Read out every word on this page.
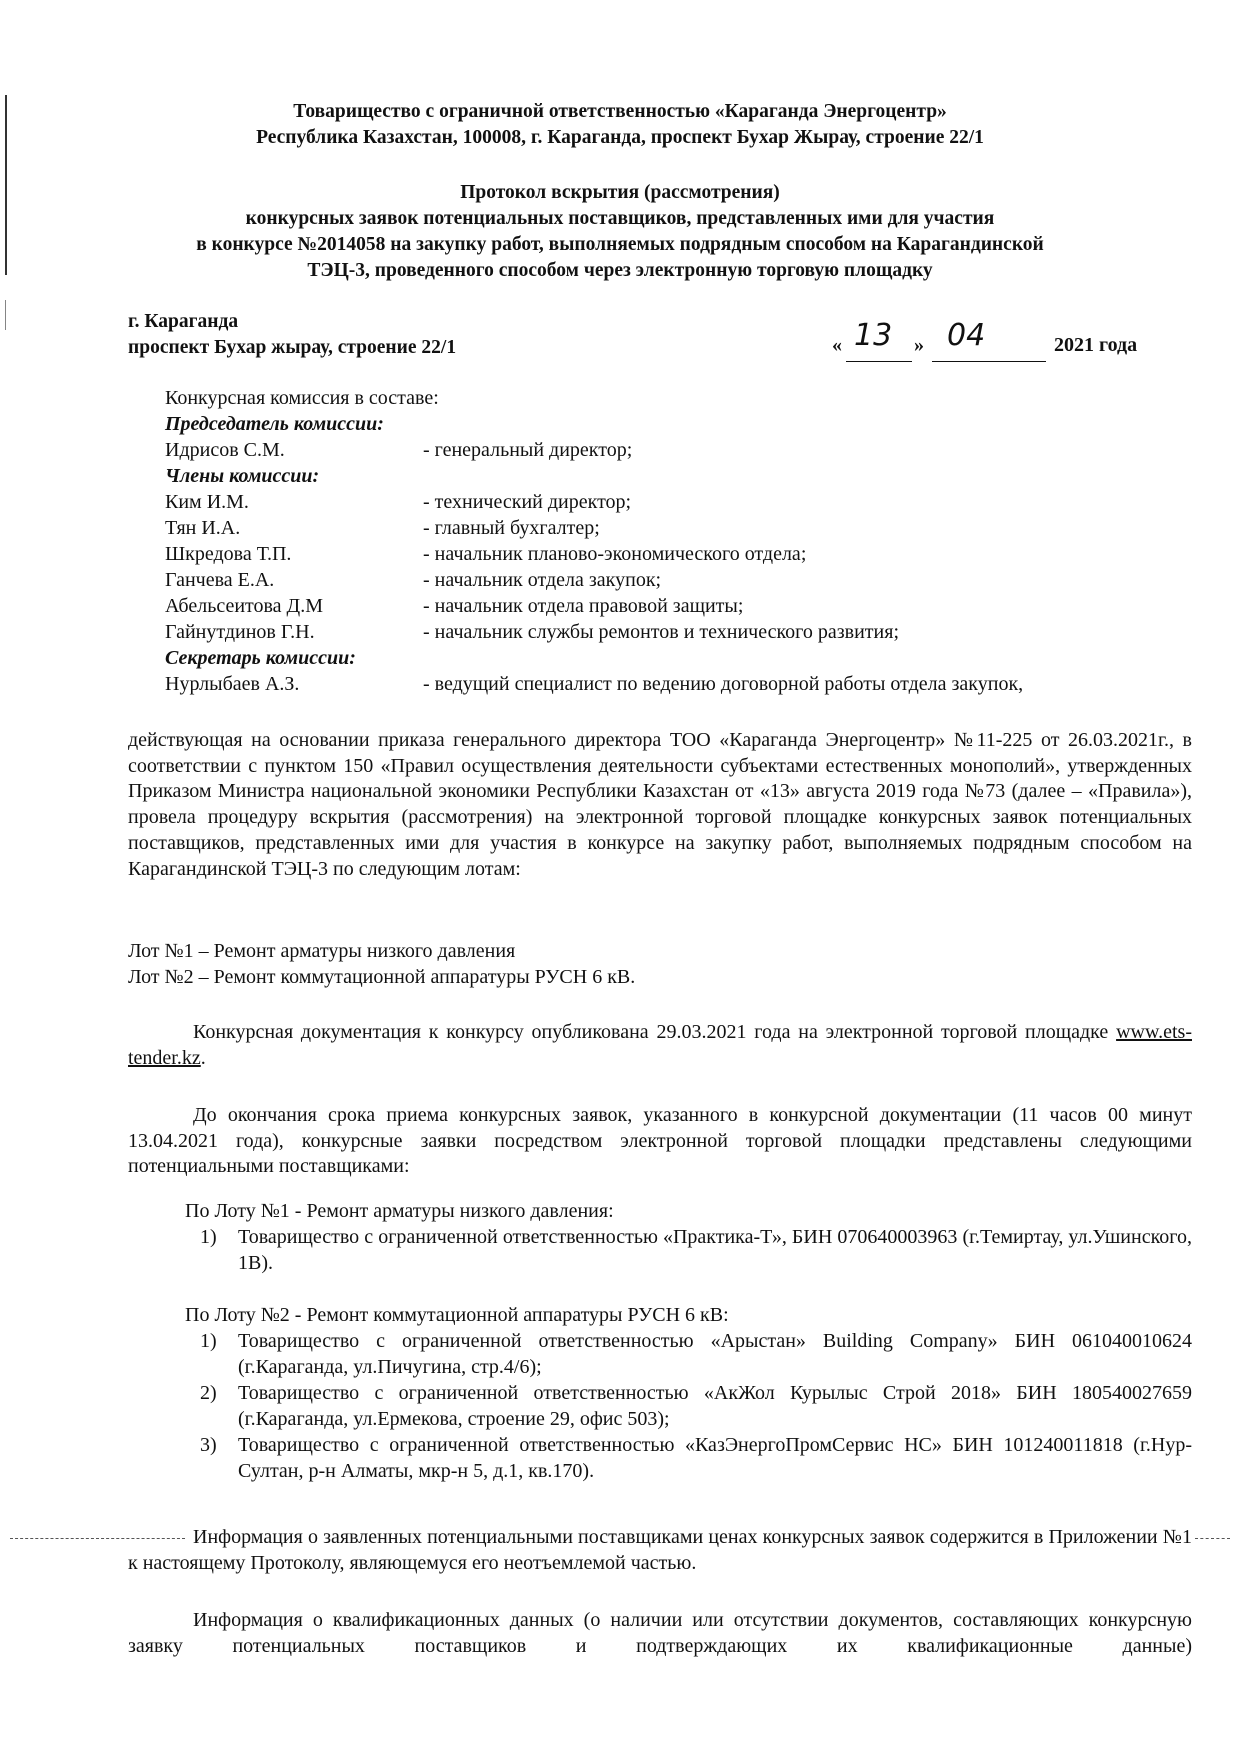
Товарищество с ограничной ответственностью «Караганда Энергоцентр»
Республика Казахстан, 100008, г. Караганда, проспект Бухар Жырау, строение 22/1
Протокол вскрытия (рассмотрения)
конкурсных заявок потенциальных поставщиков, представленных ими для участия
в конкурсе №2014058 на закупку работ, выполняемых подрядным способом на Карагандинской
ТЭЦ-3, проведенного способом через электронную торговую площадку
г. Караганда
проспект Бухар жырау, строение 22/1	« 13 » 04	2021 года
Конкурсная комиссия в составе:
Председатель комиссии:
Идрисов С.М.	- генеральный директор;
Члены комиссии:
Ким И.М.	- технический директор;
Тян И.А.	- главный бухгалтер;
Шкредова Т.П.	- начальник планово-экономического отдела;
Ганчева Е.А.	- начальник отдела закупок;
Абельсеитова Д.М	- начальник отдела правовой защиты;
Гайнутдинов Г.Н.	- начальник службы ремонтов и технического развития;
Секретарь комиссии:
Нурлыбаев А.З.	- ведущий специалист по ведению договорной работы отдела закупок,

действующая на основании приказа генерального директора ТОО «Караганда Энергоцентр» №11-225 от 26.03.2021г., в соответствии с пунктом 150 «Правил осуществления деятельности субъектами естественных монополий», утвержденных Приказом Министра национальной экономики Республики Казахстан от «13» августа 2019 года №73 (далее – «Правила»), провела процедуру вскрытия (рассмотрения) на электронной торговой площадке конкурсных заявок потенциальных поставщиков, представленных ими для участия в конкурсе на закупку работ, выполняемых подрядным способом на Карагандинской ТЭЦ-3 по следующим лотам:

Лот №1 – Ремонт арматуры низкого давления
Лот №2 – Ремонт коммутационной аппаратуры РУСН 6 кВ.

Конкурсная документация к конкурсу опубликована 29.03.2021 года на электронной торговой площадке www.ets-tender.kz.

До окончания срока приема конкурсных заявок, указанного в конкурсной документации (11 часов 00 минут 13.04.2021 года), конкурсные заявки посредством электронной торговой площадки представлены следующими потенциальными поставщиками:

По Лоту №1 - Ремонт арматуры низкого давления:
1) Товарищество с ограниченной ответственностью «Практика-Т», БИН 070640003963 (г.Темиртау, ул.Ушинского, 1В).
По Лоту №2 - Ремонт коммутационной аппаратуры РУСН 6 кВ:
1) Товарищество с ограниченной ответственностью «Арыстан» Building Company» БИН 061040010624 (г.Караганда, ул.Пичугина, стр.4/6);
2) Товарищество с ограниченной ответственностью «АкЖол Курылыс Строй 2018» БИН 180540027659 (г.Караганда, ул.Ермекова, строение 29, офис 503);
3) Товарищество с ограниченной ответственностью «КазЭнергоПромСервис НС» БИН 101240011818 (г.Нур-Султан, р-н Алматы, мкр-н 5, д.1, кв.170).

Информация о заявленных потенциальными поставщиками ценах конкурсных заявок содержится в Приложении №1 к настоящему Протоколу, являющемуся его неотъемлемой частью.

Информация о квалификационных данных (о наличии или отсутствии документов, составляющих конкурсную заявку потенциальных поставщиков и подтверждающих их квалификационные данные)
